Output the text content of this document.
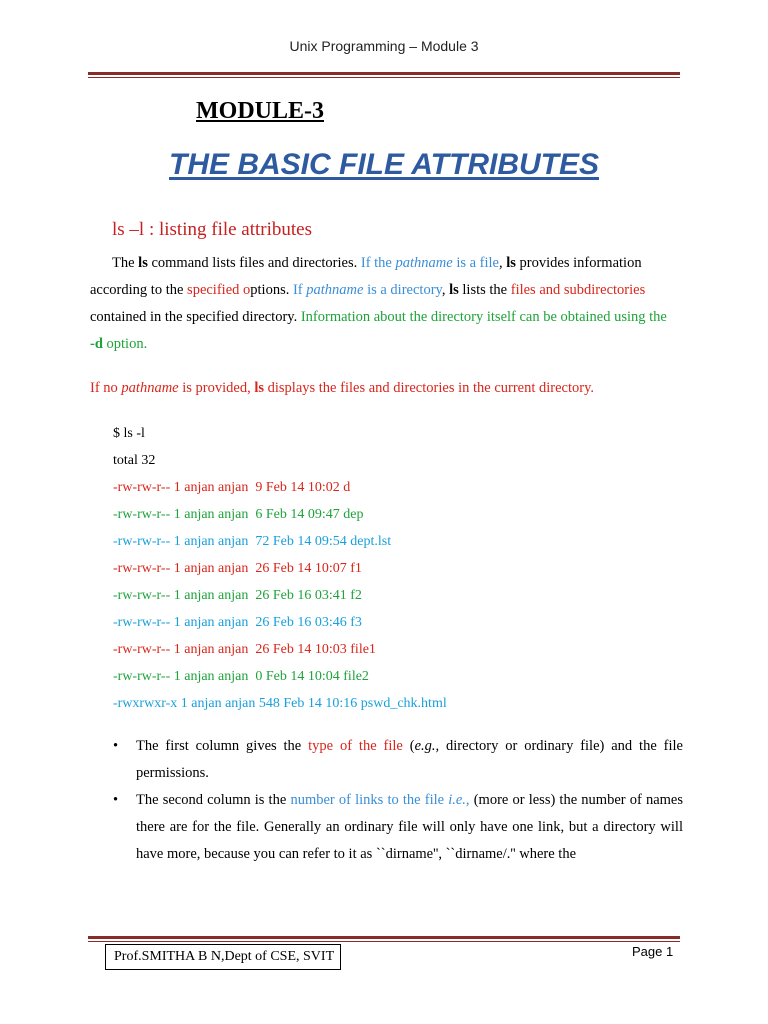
Unix Programming – Module 3
MODULE-3
THE BASIC FILE ATTRIBUTES
ls –l : listing file attributes
The ls command lists files and directories. If the pathname is a file, ls provides information according to the specified options. If pathname is a directory, ls lists the files and subdirectories contained in the specified directory. Information about the directory itself can be obtained using the -d option.
If no pathname is provided, ls displays the files and directories in the current directory.
$ ls -l
total 32
-rw-rw-r-- 1 anjan anjan  9 Feb 14 10:02 d
-rw-rw-r-- 1 anjan anjan  6 Feb 14 09:47 dep
-rw-rw-r-- 1 anjan anjan  72 Feb 14 09:54 dept.lst
-rw-rw-r-- 1 anjan anjan  26 Feb 14 10:07 f1
-rw-rw-r-- 1 anjan anjan  26 Feb 16 03:41 f2
-rw-rw-r-- 1 anjan anjan  26 Feb 16 03:46 f3
-rw-rw-r-- 1 anjan anjan  26 Feb 14 10:03 file1
-rw-rw-r-- 1 anjan anjan  0 Feb 14 10:04 file2
-rwxrwxr-x 1 anjan anjan 548 Feb 14 10:16 pswd_chk.html
• The first column gives the type of the file (e.g., directory or ordinary file) and the file permissions.
• The second column is the number of links to the file i.e., (more or less) the number of names there are for the file. Generally an ordinary file will only have one link, but a directory will have more, because you can refer to it as ``dirname'', ``dirname/.'' where the
Prof.SMITHA B N,Dept of CSE, SVIT	Page 1
